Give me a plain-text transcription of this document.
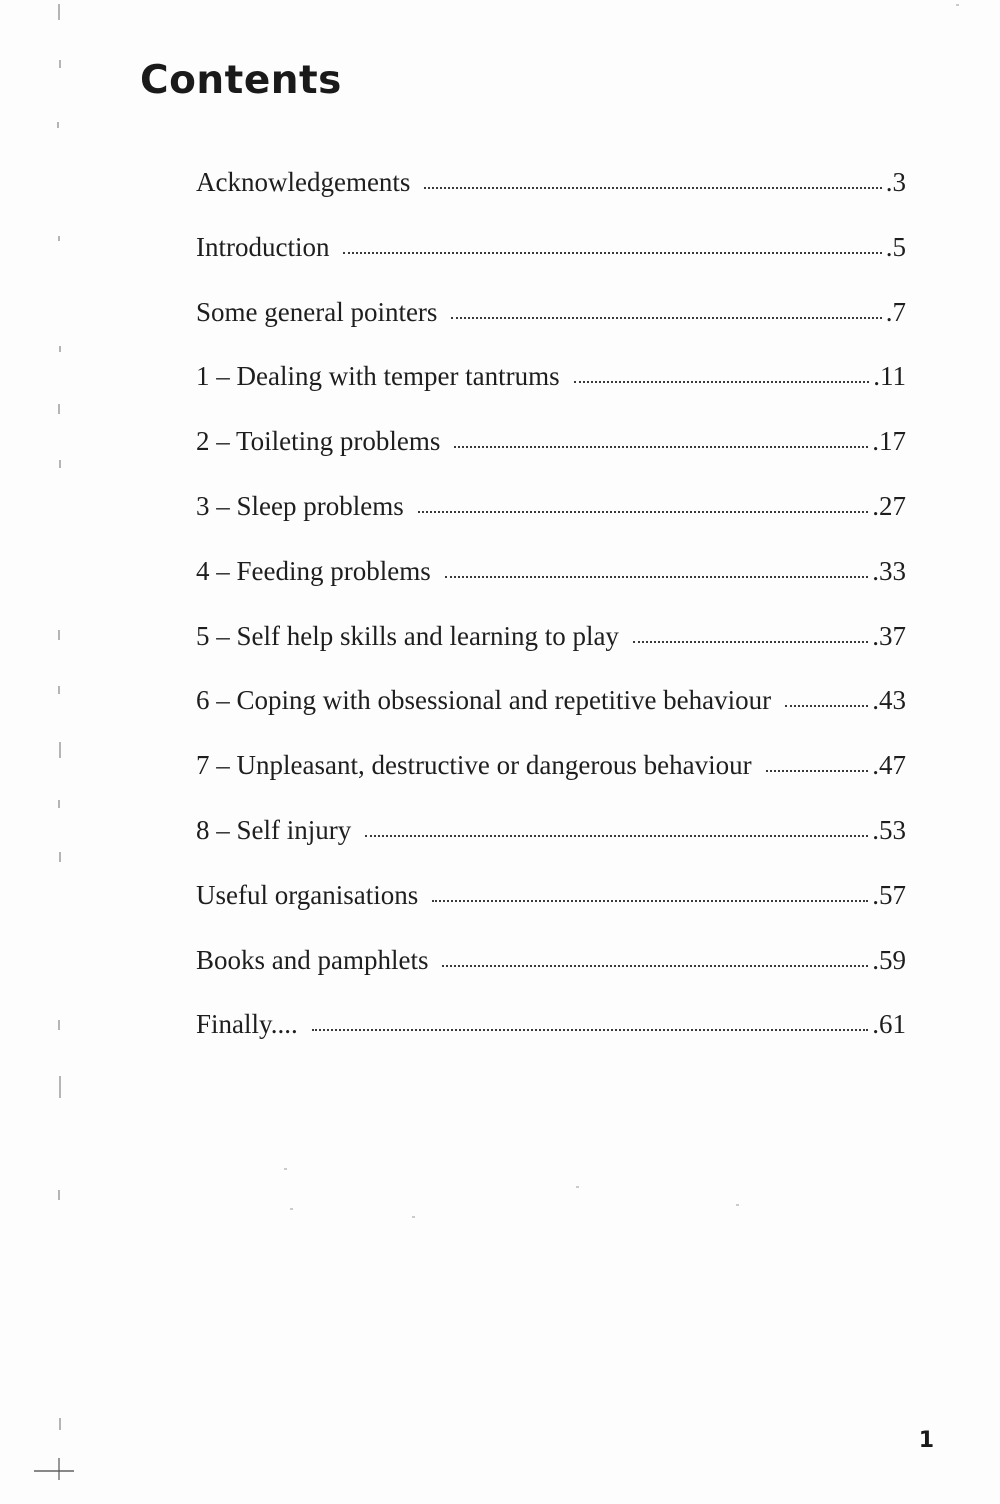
Contents
Acknowledgements	.3
Introduction	.5
Some general pointers	.7
1 – Dealing with temper tantrums	.11
2 – Toileting problems	.17
3 – Sleep problems	.27
4 – Feeding problems	.33
5 – Self help skills and learning to play	.37
6 – Coping with obsessional and repetitive behaviour	.43
7 – Unpleasant, destructive or dangerous behaviour	.47
8 – Self injury	.53
Useful organisations	.57
Books and pamphlets	.59
Finally....	.61
1
